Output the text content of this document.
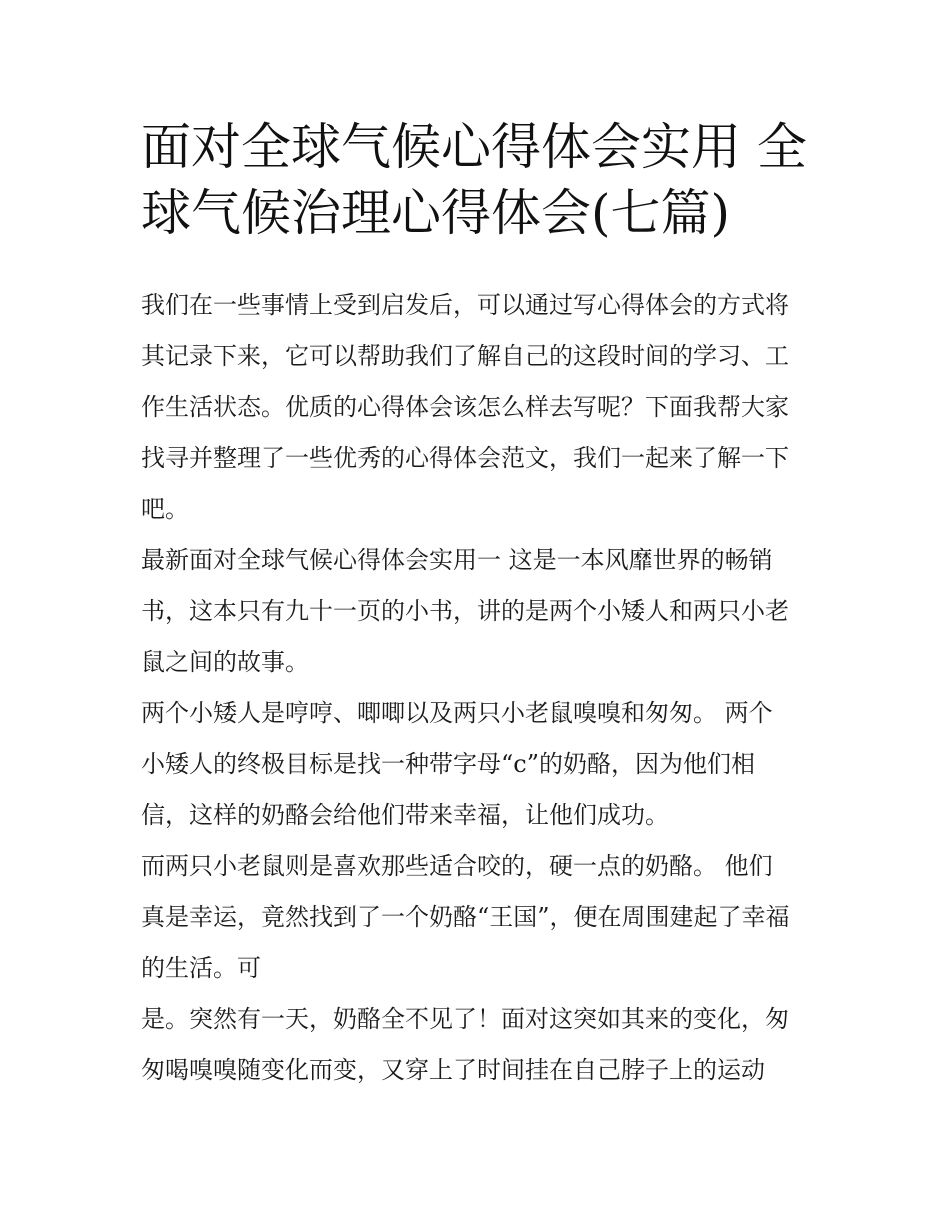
面对全球气候心得体会实用 全
球气候治理心得体会(七篇)

我们在一些事情上受到启发后，可以通过写心得体会的方式将
其记录下来，它可以帮助我们了解自己的这段时间的学习、工
作生活状态。优质的心得体会该怎么样去写呢？下面我帮大家
找寻并整理了一些优秀的心得体会范文，我们一起来了解一下
吧。

最新面对全球气候心得体会实用一 这是一本风靡世界的畅销
书，这本只有九十一页的小书，讲的是两个小矮人和两只小老
鼠之间的故事。

两个小矮人是哼哼、唧唧以及两只小老鼠嗅嗅和匆匆。 两个
小矮人的终极目标是找一种带字母“c”的奶酪，因为他们相
信，这样的奶酪会给他们带来幸福，让他们成功。

而两只小老鼠则是喜欢那些适合咬的，硬一点的奶酪。 他们
真是幸运，竟然找到了一个奶酪“王国”，便在周围建起了幸福
的生活。可

是。突然有一天，奶酪全不见了！面对这突如其来的变化，匆
匆喝嗅嗅随变化而变，又穿上了时间挂在自己脖子上的运动
